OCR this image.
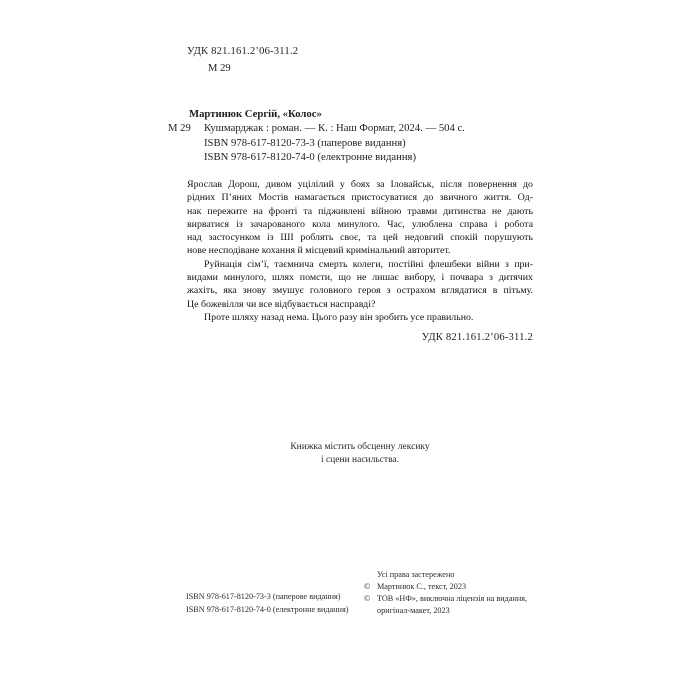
УДК 821.161.2’06-311.2
М 29
Мартинюк Сергій, «Колос»
М 29 Кушмарджак : роман. — К. : Наш Формат, 2024. — 504 с.
ISBN 978-617-8120-73-3 (паперове видання)
ISBN 978-617-8120-74-0 (електронне видання)
Ярослав Дорош, дивом уцілілий у боях за Іловайськ, після повернення до
рідних П’яних Мостів намагається пристосуватися до звичного життя. Од-
нак пережите на фронті та підживлені війною травми дитинства не дають
вирватися із зачарованого кола минулого. Час, улюблена справа і робота
над застосунком із ШІ роблять своє, та цей недовгий спокій порушують
нове несподіване кохання й місцевий кримінальний авторитет.
Руйнація сім’ї, таємнича смерть колеги, постійні флешбеки війни з при-
видами минулого, шлях помсти, що не лишає вибору, і почвара з дитячих
жахіть, яка знову змушує головного героя з острахом вглядатися в пітьму.
Це божевілля чи все відбувається насправді?
Проте шляху назад нема. Цього разу він зробить усе правильно.
УДК 821.161.2’06-311.2
Книжка містить обсценну лексику
і сцени насильства.
ISBN 978-617-8120-73-3 (паперове видання)
ISBN 978-617-8120-74-0 (електронне видання)
Усі права застережено
© Мартинюк С., текст, 2023
© ТОВ «НФ», виключна ліцензія на видання,
оригінал-макет, 2023
